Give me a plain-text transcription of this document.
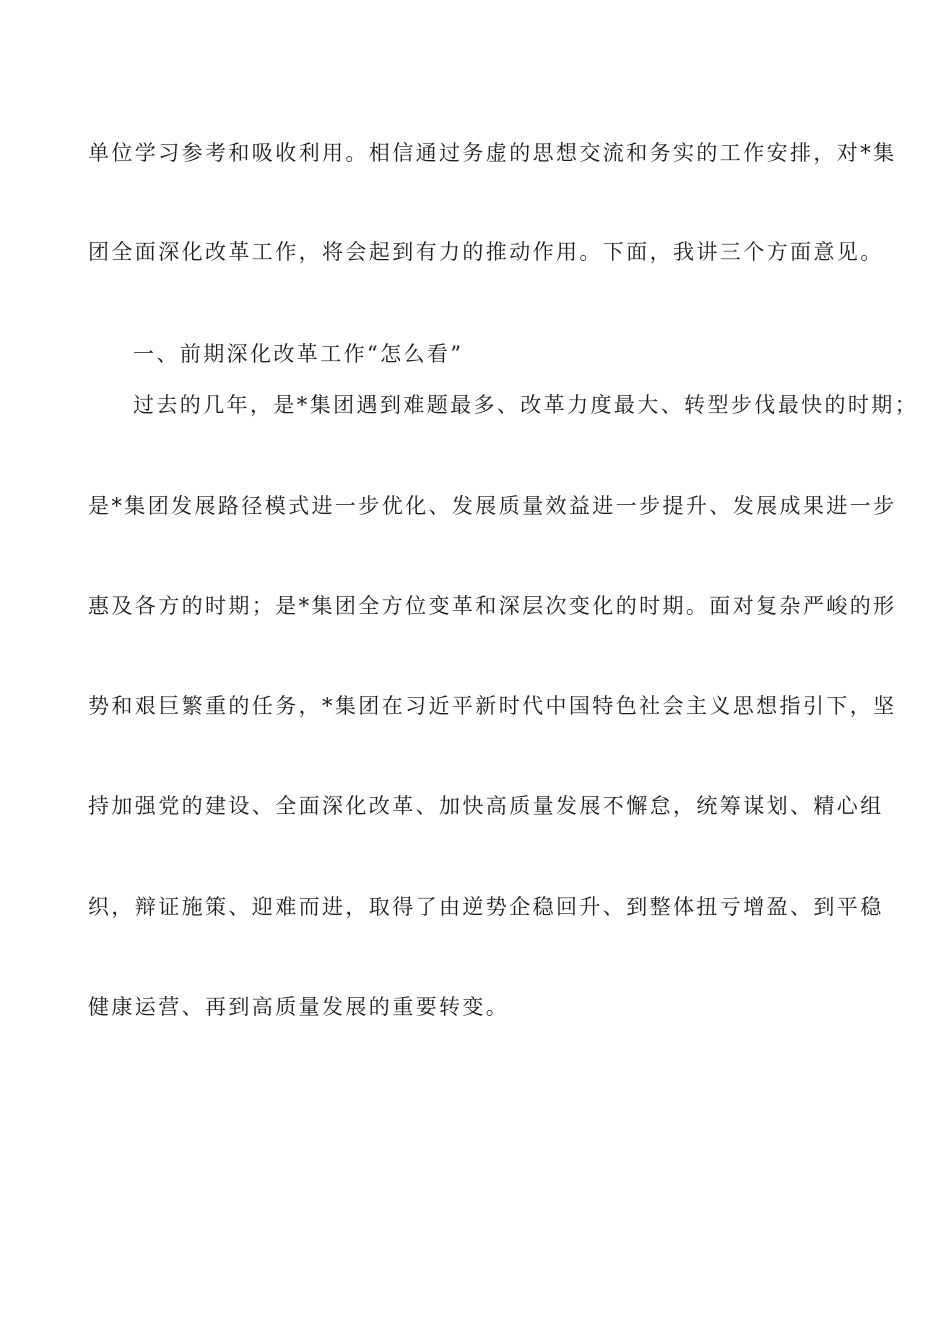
单位学习参考和吸收利用。相信通过务虚的思想交流和务实的工作安排，对*集
团全面深化改革工作，将会起到有力的推动作用。下面，我讲三个方面意见。
一、前期深化改革工作“怎么看”
过去的几年，是*集团遇到难题最多、改革力度最大、转型步伐最快的时期；
是*集团发展路径模式进一步优化、发展质量效益进一步提升、发展成果进一步
惠及各方的时期；是*集团全方位变革和深层次变化的时期。面对复杂严峻的形
势和艰巨繁重的任务，*集团在习近平新时代中国特色社会主义思想指引下，坚
持加强党的建设、全面深化改革、加快高质量发展不懈怠，统筹谋划、精心组
织，辩证施策、迎难而进，取得了由逆势企稳回升、到整体扭亏增盈、到平稳
健康运营、再到高质量发展的重要转变。
